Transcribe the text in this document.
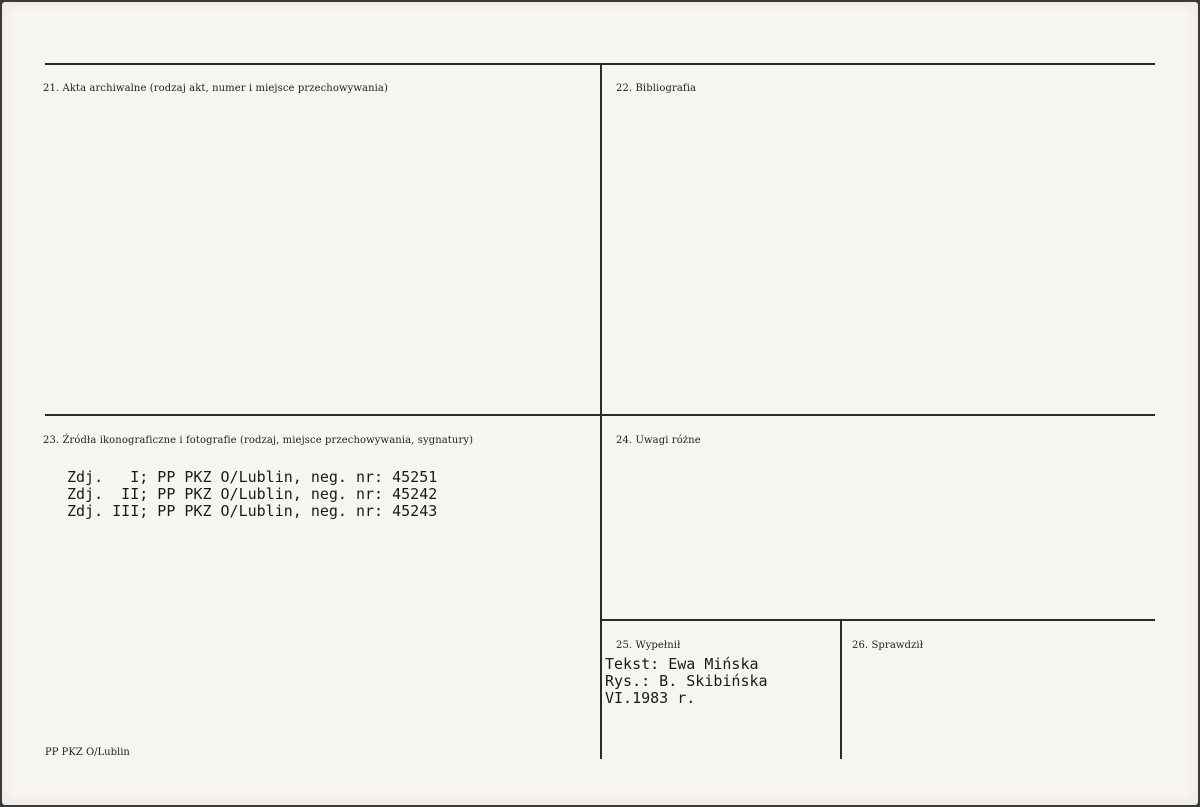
21. Akta archiwalne (rodzaj akt, numer i miejsce przechowywania)	22. Bibliografia
23. Źródła ikonograficzne i fotografie (rodzaj, miejsce przechowywania, sygnatury)
Zdj.   I; PP PKZ O/Lublin, neg. nr: 45251
Zdj.  II; PP PKZ O/Lublin, neg. nr: 45242
Zdj. III; PP PKZ O/Lublin, neg. nr: 45243
24. Uwagi różne
25. Wypełnił
Tekst: Ewa Mińska
Rys.: B. Skibińska
VI.1983 r.
26. Sprawdził
PP PKZ O/Lublin
